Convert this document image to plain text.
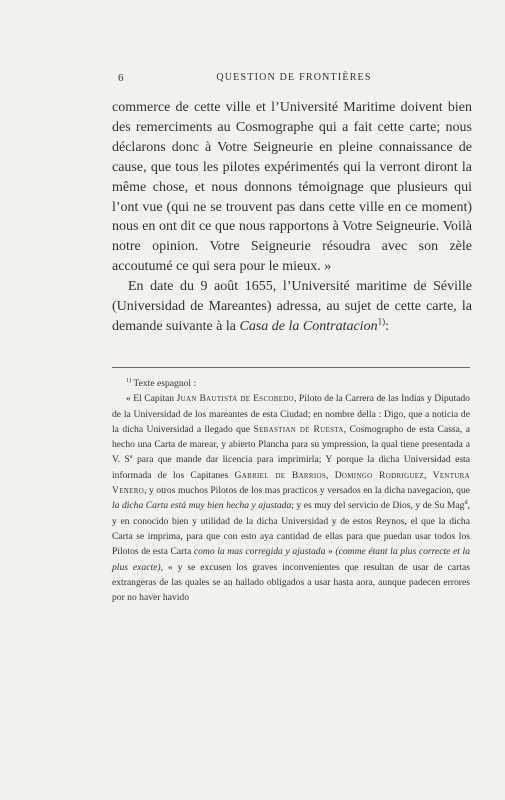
6	QUESTION DE FRONTIÈRES

commerce de cette ville et l’Université Maritime doivent bien des remerciments au Cosmographe qui a fait cette carte; nous déclarons donc à Votre Seigneurie en pleine connaissance de cause, que tous les pilotes expérimentés qui la verront diront la même chose, et nous donnons témoignage que plusieurs qui l’ont vue (qui ne se trouvent pas dans cette ville en ce moment) nous en ont dit ce que nous rapportons à Votre Seigneurie. Voilà notre opinion. Votre Seigneurie résoudra avec son zèle accoutumé ce qui sera pour le mieux. »

En date du 9 août 1655, l’Université maritime de Séville (Universidad de Mareantes) adressa, au sujet de cette carte, la demande suivante à la Casa de la Contratacion$^{1)}$:

$^{1)}$ Texte espagnol :

« El Capitan Juan Bautista de Escobedo, Piloto de la Carrera de las Indias y Diputado de la Universidad de los mareantes de esta Ciudad; en nombre della : Digo, que a noticia de la dicha Universidad a llegado que Sebastian de Ruesta, Cosmographo de esta Cassa, a hecho una Carta de marear, y abierto Plancha para su ympression, la qual tiene presentada a V. $S^a$ para que mande dar licencia para imprimirla; Y porque la dicha Universidad esta informada de los Capitanes Gabriel de Barrios, Domingo Rodriguez, Ventura Venero, y otros muchos Pilotos de los mas practicos y versados en la dicha navegacion, que la dicha Carta está muy bien hecha y ajustada; y es muy del servicio de Dios, y de Su Mag$^d$, y en conocido bien y utilidad de la dicha Universidad y de estos Reynos, el que la dicha Carta se imprima, para que con esto aya cantidad de ellas para que puedan usar todos los Pilotos de esta Carta como la mas corregida y ajustada » (comme étant la plus correcte et la plus exacte), « y se excusen los graves inconvenientes que resultan de usar de cartas extrangeras de las quales se an hallado obligados a usar hasta aora, aunque padecen errores por no haver havido
